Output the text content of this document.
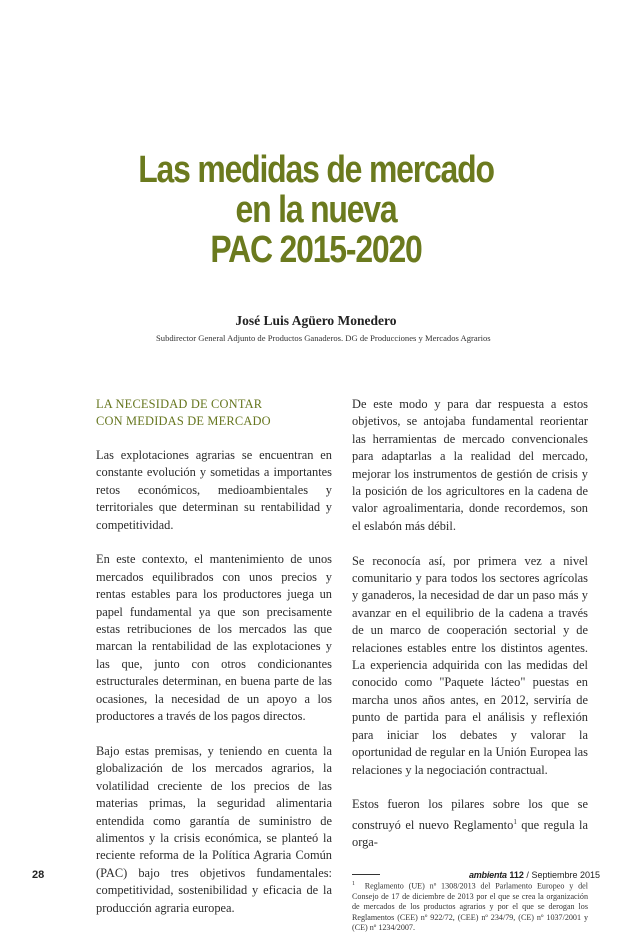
Las medidas de mercado
en la nueva
PAC 2015-2020
José Luis Agüero Monedero
Subdirector General Adjunto de Productos Ganaderos. DG de Producciones y Mercados Agrarios
LA NECESIDAD DE CONTAR
CON MEDIDAS DE MERCADO

Las explotaciones agrarias se encuentran en constante evolución y sometidas a importantes retos económicos, medioambientales y territoriales que determinan su rentabilidad y competitividad.

En este contexto, el mantenimiento de unos mercados equilibrados con unos precios y rentas estables para los productores juega un papel fundamental ya que son precisamente estas retribuciones de los mercados las que marcan la rentabilidad de las explotaciones y las que, junto con otros condicionantes estructurales determinan, en buena parte de las ocasiones, la necesidad de un apoyo a los productores a través de los pagos directos.

Bajo estas premisas, y teniendo en cuenta la globalización de los mercados agrarios, la volatilidad creciente de los precios de las materias primas, la seguridad alimentaria entendida como garantía de suministro de alimentos y la crisis económica, se planteó la reciente reforma de la Política Agraria Común (PAC) bajo tres objetivos fundamentales: competitividad, sostenibilidad y eficacia de la producción agraria europea.

De este modo y para dar respuesta a estos objetivos, se antojaba fundamental reorientar las herramientas de mercado convencionales para adaptarlas a la realidad del mercado, mejorar los instrumentos de gestión de crisis y la posición de los agricultores en la cadena de valor agroalimentaria, donde recordemos, son el eslabón más débil.

Se reconocía así, por primera vez a nivel comunitario y para todos los sectores agrícolas y ganaderos, la necesidad de dar un paso más y avanzar en el equilibrio de la cadena a través de un marco de cooperación sectorial y de relaciones estables entre los distintos agentes. La experiencia adquirida con las medidas del conocido como "Paquete lácteo" puestas en marcha unos años antes, en 2012, serviría de punto de partida para el análisis y reflexión para iniciar los debates y valorar la oportunidad de regular en la Unión Europea las relaciones y la negociación contractual.

Estos fueron los pilares sobre los que se construyó el nuevo Reglamento$^1$ que regula la orga-

$^1$ Reglamento (UE) nº 1308/2013 del Parlamento Europeo y del Consejo de 17 de diciembre de 2013 por el que se crea la organización de mercados de los productos agrarios y por el que se derogan los Reglamentos (CEE) nº 922/72, (CEE) nº 234/79, (CE) nº 1037/2001 y (CE) nº 1234/2007.
28	ambienta 112 / Septiembre 2015
